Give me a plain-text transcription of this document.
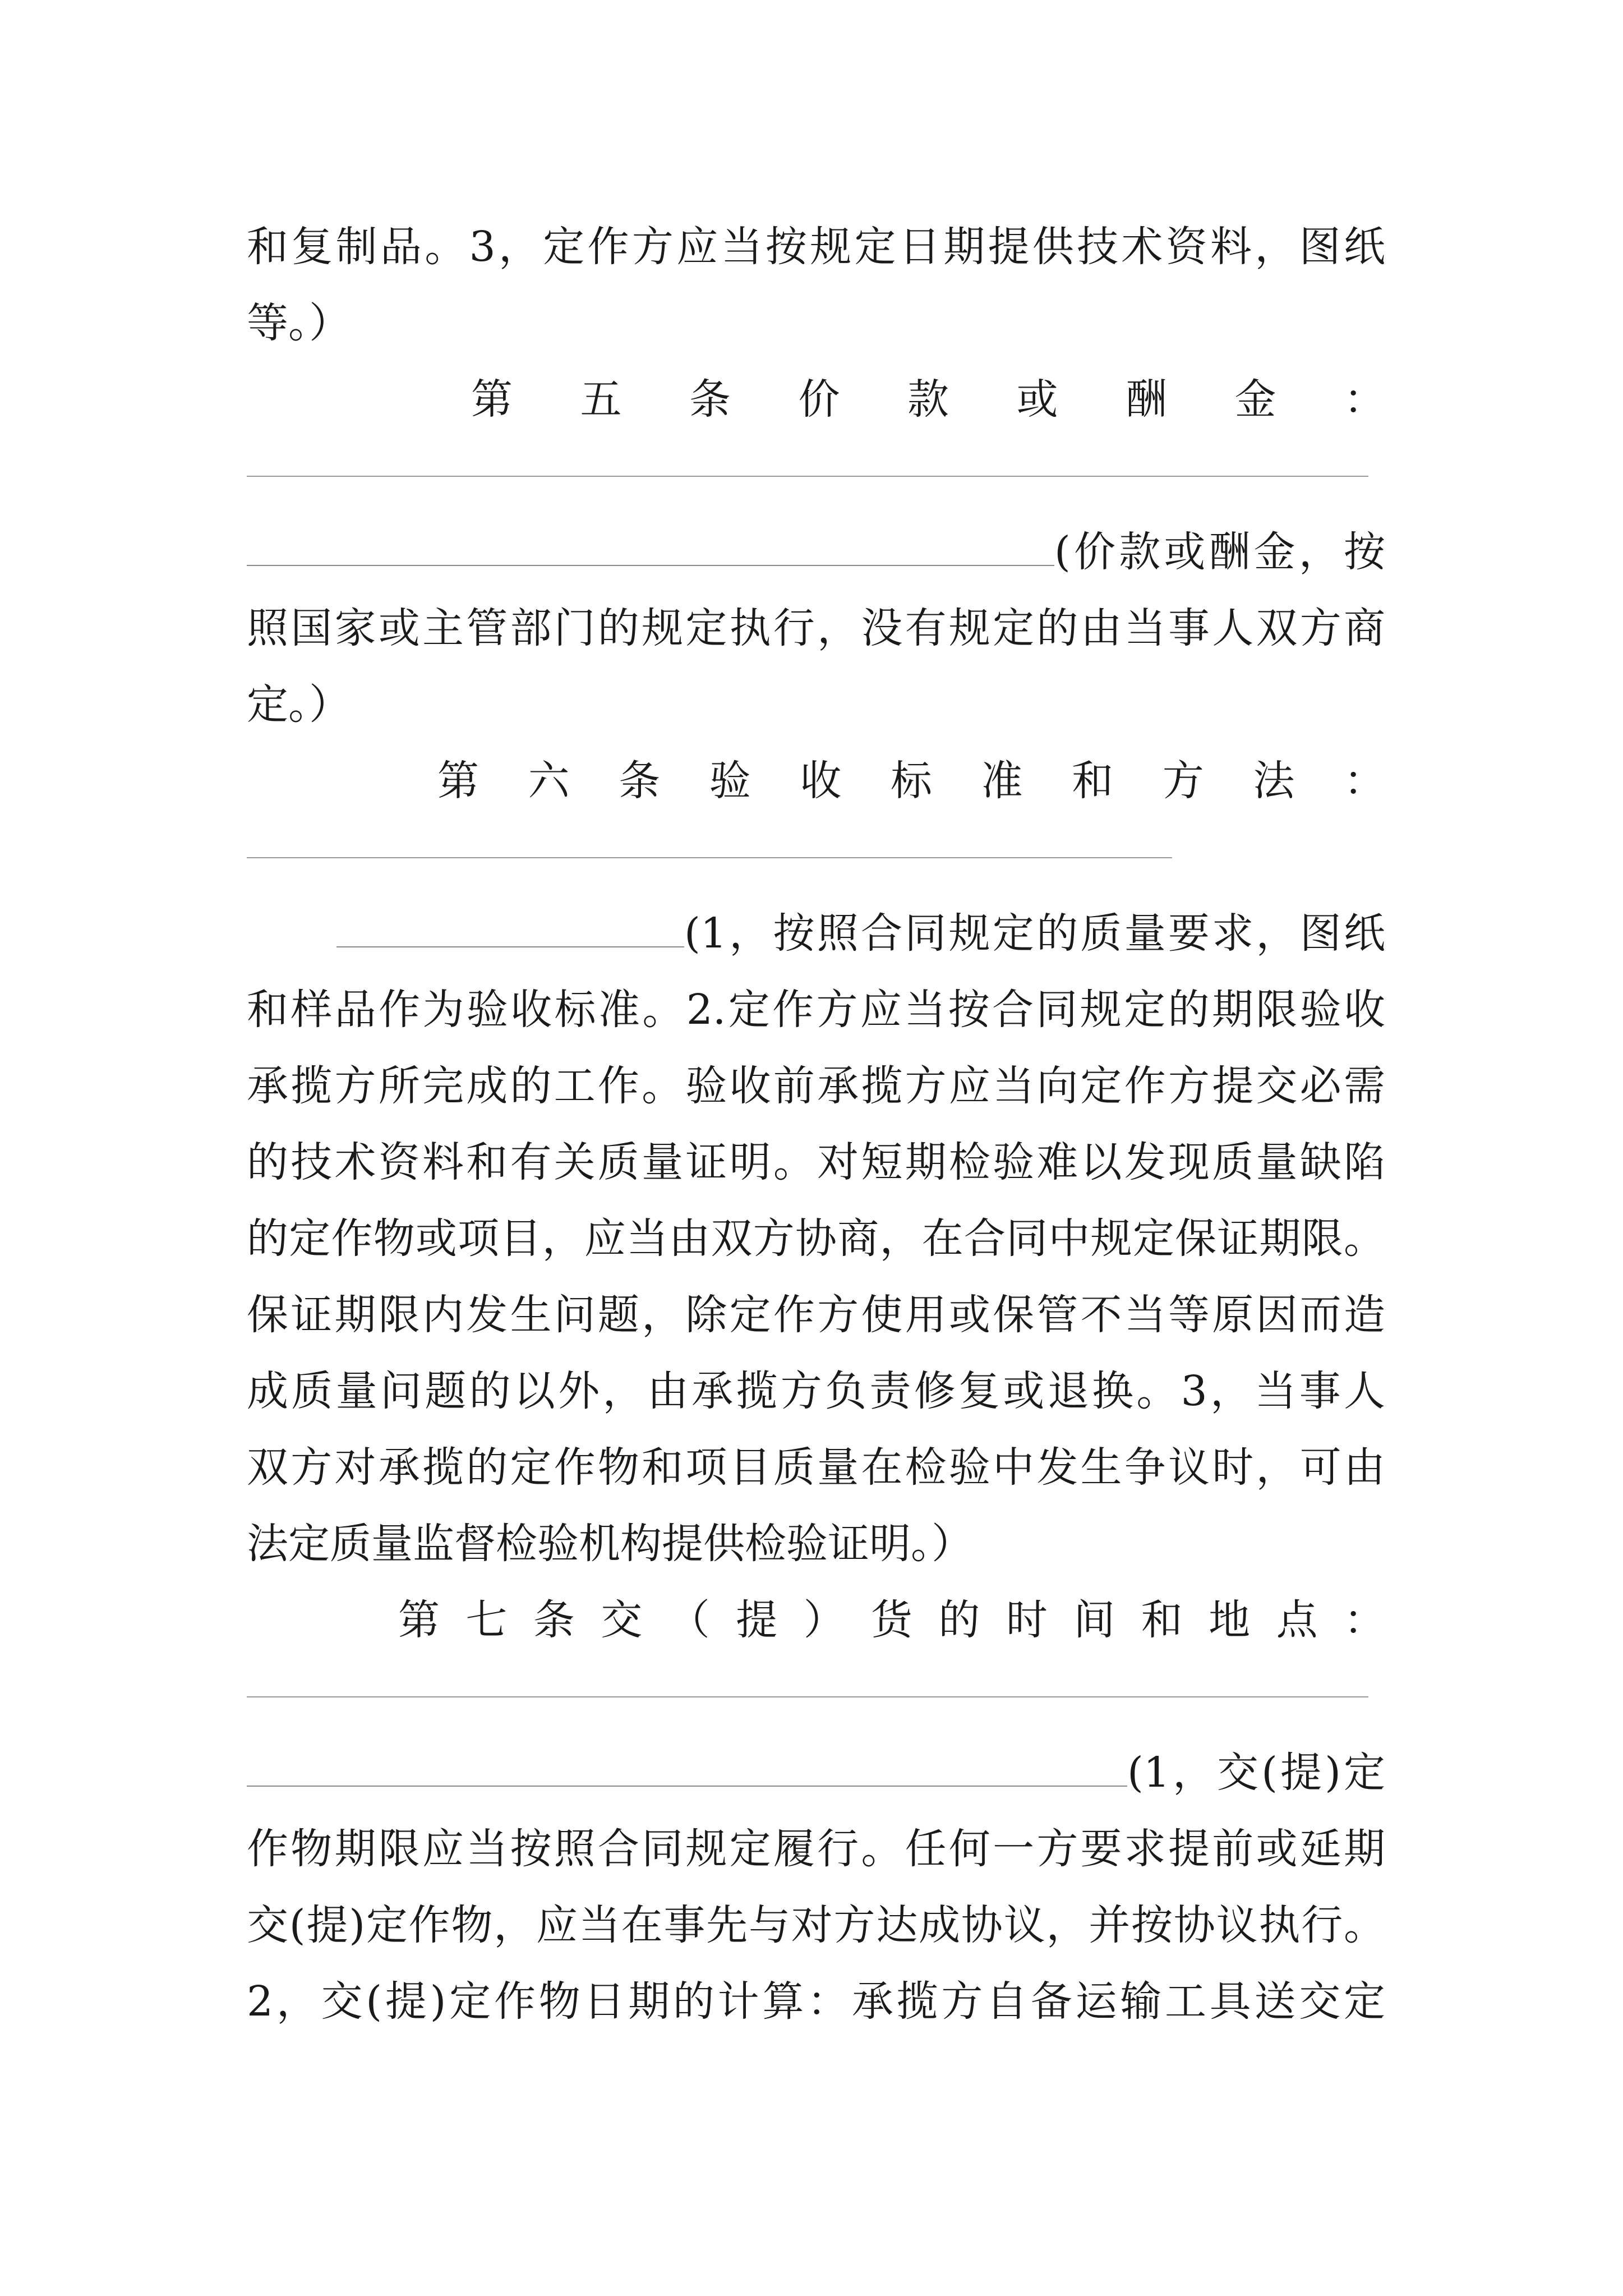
和复制品。3，定作方应当按规定日期提供技术资料，图纸
等。）
第五条价款或酬金：
(价款或酬金，按
照国家或主管部门的规定执行，没有规定的由当事人双方商
定。）
第六条验收标准和方法：
(1，按照合同规定的质量要求，图纸
和样品作为验收标准。2.定作方应当按合同规定的期限验收
承揽方所完成的工作。验收前承揽方应当向定作方提交必需
的技术资料和有关质量证明。对短期检验难以发现质量缺陷
的定作物或项目，应当由双方协商，在合同中规定保证期限。
保证期限内发生问题，除定作方使用或保管不当等原因而造
成质量问题的以外，由承揽方负责修复或退换。3，当事人
双方对承揽的定作物和项目质量在检验中发生争议时，可由
法定质量监督检验机构提供检验证明。）
第七条交（提）货的时间和地点：
(1，交(提)定
作物期限应当按照合同规定履行。任何一方要求提前或延期
交(提)定作物，应当在事先与对方达成协议，并按协议执行。
2，交(提)定作物日期的计算：承揽方自备运输工具送交定
